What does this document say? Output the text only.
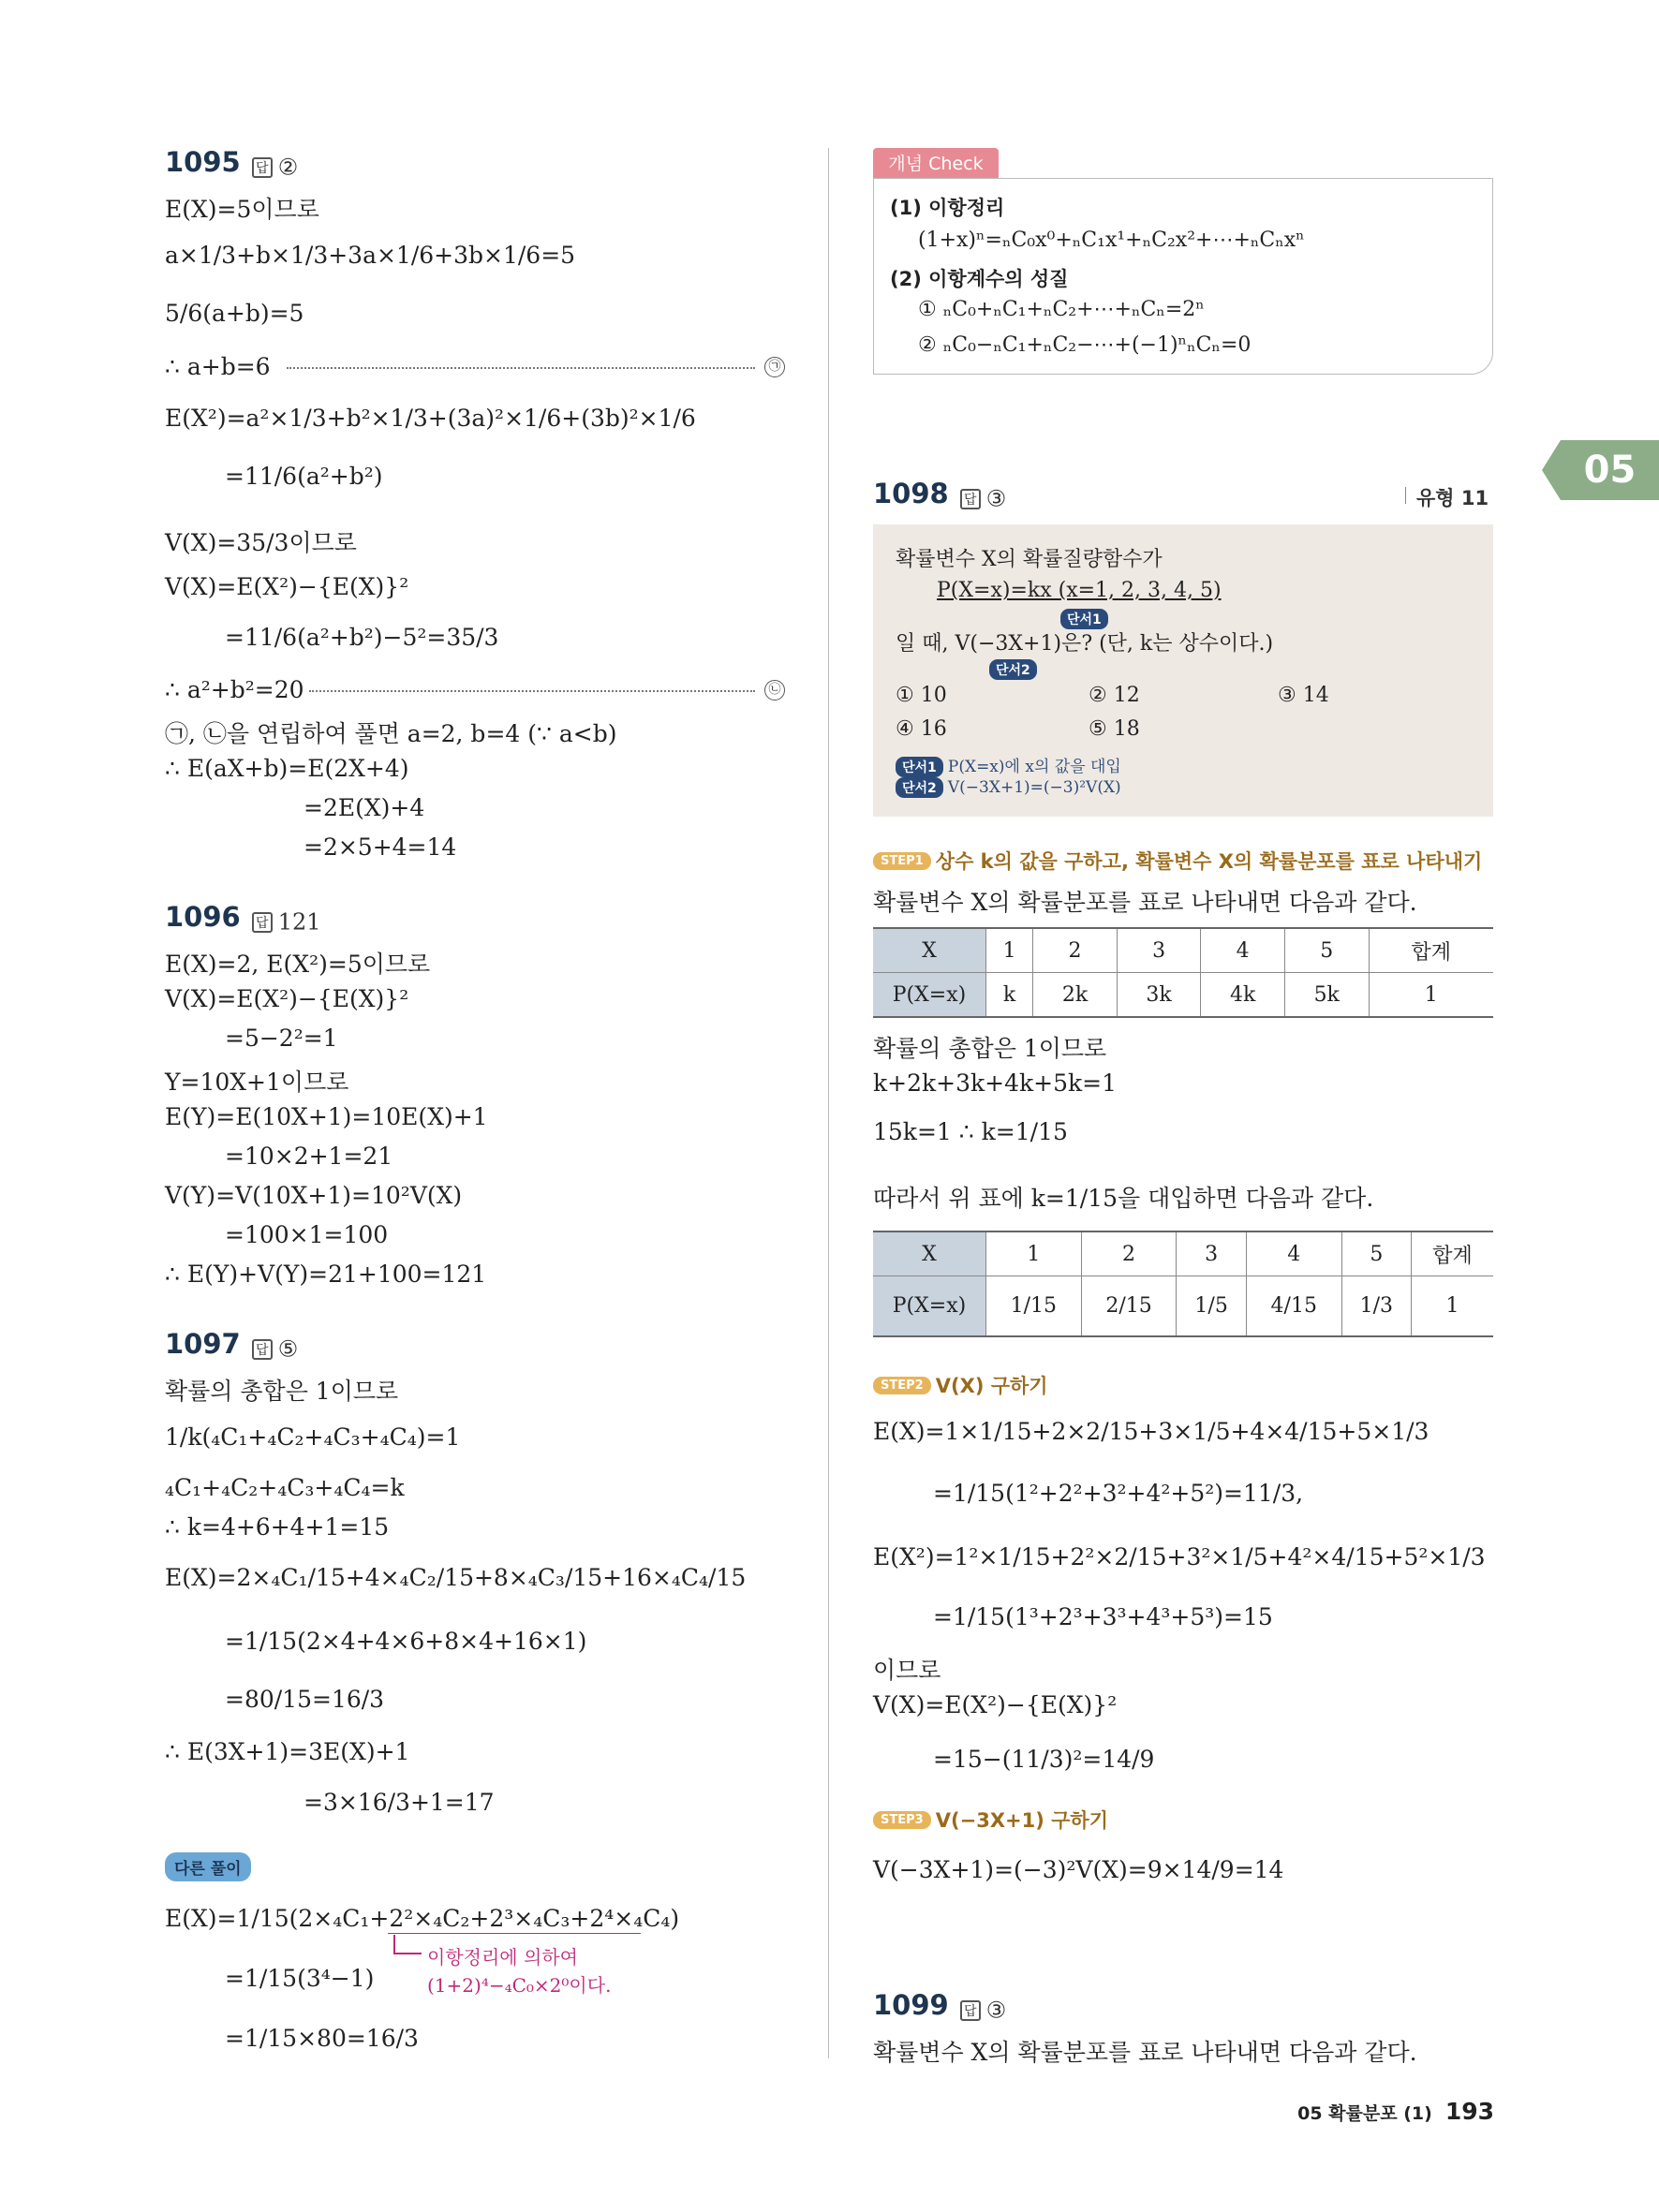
1095 답 ②
E(X)=5이므로
a×1/3+b×1/3+3a×1/6+3b×1/6=5
5/6(a+b)=5
∴ a+b=6	㉠
E(X²)=a²×1/3+b²×1/3+(3a)²×1/6+(3b)²×1/6
=11/6(a²+b²)
V(X)=35/3이므로
V(X)=E(X²)−{E(X)}²
=11/6(a²+b²)−5²=35/3
∴ a²+b²=20	㉡
㉠, ㉡을 연립하여 풀면 a=2, b=4 (∵ a<b)
∴ E(aX+b)=E(2X+4)
=2E(X)+4
=2×5+4=14
1096 답 121
E(X)=2, E(X²)=5이므로
V(X)=E(X²)−{E(X)}²
=5−2²=1
Y=10X+1이므로
E(Y)=E(10X+1)=10E(X)+1
=10×2+1=21
V(Y)=V(10X+1)=10²V(X)
=100×1=100
∴ E(Y)+V(Y)=21+100=121
1097 답 ⑤
확률의 총합은 1이므로
1/k(₄C₁+₄C₂+₄C₃+₄C₄)=1
₄C₁+₄C₂+₄C₃+₄C₄=k
∴ k=4+6+4+1=15
E(X)=2×₄C₁/15+4×₄C₂/15+8×₄C₃/15+16×₄C₄/15
=1/15(2×4+4×6+8×4+16×1)
=80/15=16/3
∴ E(3X+1)=3E(X)+1
=3×16/3+1=17
다른 풀이
E(X)=1/15(2×₄C₁+2²×₄C₂+2³×₄C₃+2⁴×₄C₄)
이항정리에 의하여
(1+2)⁴−₄C₀×2⁰이다.
=1/15(3⁴−1)
=1/15×80=16/3
개념 Check
(1) 이항정리
(1+x)ⁿ=ₙC₀x⁰+ₙC₁x¹+ₙC₂x²+⋯+ₙCₙxⁿ
(2) 이항계수의 성질
① ₙC₀+ₙC₁+ₙC₂+⋯+ₙCₙ=2ⁿ
② ₙC₀−ₙC₁+ₙC₂−⋯+(−1)ⁿₙCₙ=0
05
1098 답 ③	유형 11
확률변수 X의 확률질량함수가
P(X=x)=kx (x=1, 2, 3, 4, 5)
단서1
일 때, V(−3X+1)은? (단, k는 상수이다.)
단서2
① 10	② 12	③ 14
④ 16	⑤ 18
단서1 P(X=x)에 x의 값을 대입
단서2 V(−3X+1)=(−3)²V(X)
STEP1 상수 k의 값을 구하고, 확률변수 X의 확률분포를 표로 나타내기
확률변수 X의 확률분포를 표로 나타내면 다음과 같다.
X	1	2	3	4	5	합계
P(X=x)	k	2k	3k	4k	5k	1
확률의 총합은 1이므로
k+2k+3k+4k+5k=1
15k=1 ∴ k=1/15
따라서 위 표에 k=1/15을 대입하면 다음과 같다.
X	1	2	3	4	5	합계
P(X=x)	1/15	2/15	1/5	4/15	1/3	1
STEP2 V(X) 구하기
E(X)=1×1/15+2×2/15+3×1/5+4×4/15+5×1/3
=1/15(1²+2²+3²+4²+5²)=11/3,
E(X²)=1²×1/15+2²×2/15+3²×1/5+4²×4/15+5²×1/3
=1/15(1³+2³+3³+4³+5³)=15
이므로
V(X)=E(X²)−{E(X)}²
=15−(11/3)²=14/9
STEP3 V(−3X+1) 구하기
V(−3X+1)=(−3)²V(X)=9×14/9=14
1099 답 ③
확률변수 X의 확률분포를 표로 나타내면 다음과 같다.
05 확률분포 (1) 193
